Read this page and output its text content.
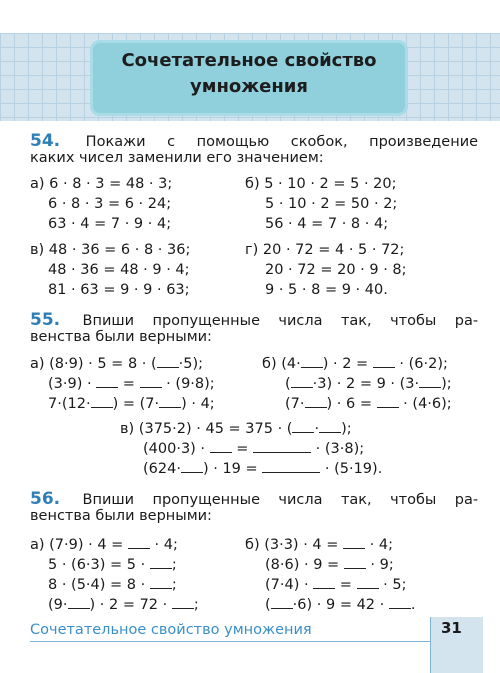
Сочетательное свойство
умножения
54. Покажи с помощью скобок, произведение
каких чисел заменили его значением:
а) 6 · 8 · 3 = 48 · 3;
6 · 8 · 3 = 6 · 24;
63 · 4 = 7 · 9 · 4;
б) 5 · 10 · 2 = 5 · 20;
5 · 10 · 2 = 50 · 2;
56 · 4 = 7 · 8 · 4;
в) 48 · 36 = 6 · 8 · 36;
48 · 36 = 48 · 9 · 4;
81 · 63 = 9 · 9 · 63;
г) 20 · 72 = 4 · 5 · 72;
20 · 72 = 20 · 9 · 8;
9 · 5 · 8 = 9 · 40.
55. Впиши пропущенные числа так, чтобы ра-
венства были верными:
а) (8·9) · 5 = 8 · ( ·5);
(3·9) ·  =  · (9·8);
7·(12· ) = (7· ) · 4;
б) (4· ) · 2 =  · (6·2);
( ·3) · 2 = 9 · (3· );
(7· ) · 6 =  · (4·6);
в) (375·2) · 45 = 375 · ( · );
(400·3) ·  =	· (3·8);
(624· ) · 19 =	· (5·19).
56. Впиши пропущенные числа так, чтобы ра-
венства были верными:
а) (7·9) · 4 =  · 4;
5 · (6·3) = 5 · ;
8 · (5·4) = 8 · ;
(9· ) · 2 = 72 · ;
б) (3·3) · 4 =  · 4;
(8·6) · 9 =  · 9;
(7·4) ·  =  · 5;
( ·6) · 9 = 42 · .
Сочетательное свойство умножения	31
